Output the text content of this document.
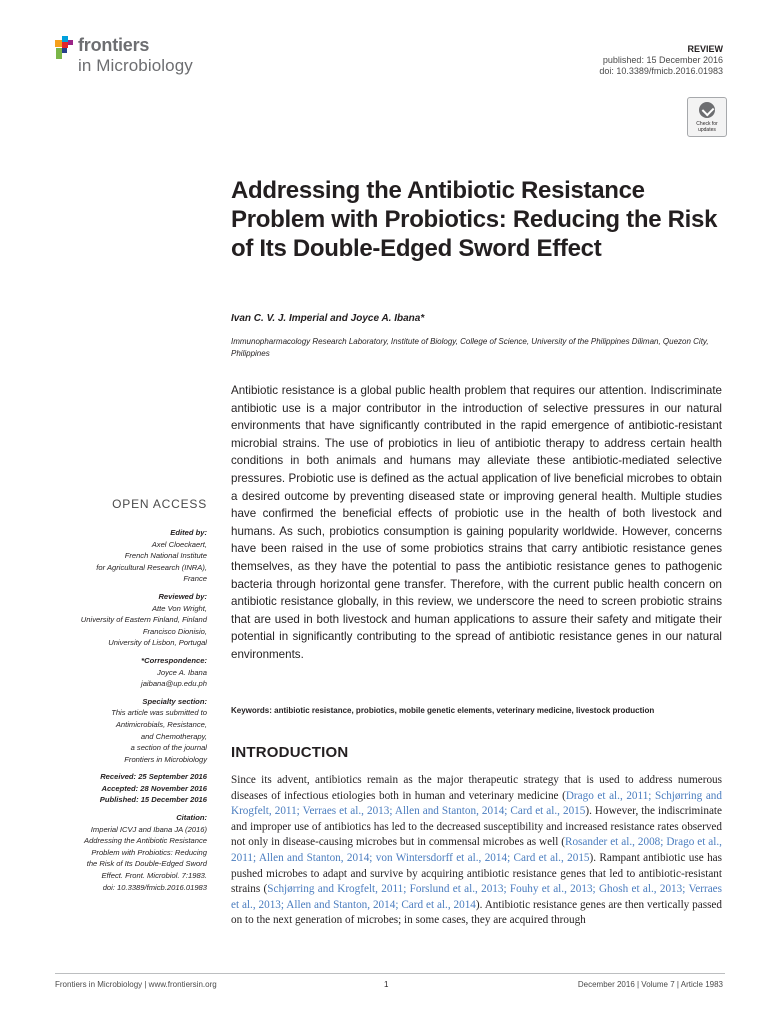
frontiers
in Microbiology
REVIEW
published: 15 December 2016
doi: 10.3389/fmicb.2016.01983
Check for
updates
Addressing the Antibiotic Resistance Problem with Probiotics: Reducing the Risk of Its Double-Edged Sword Effect
Ivan C. V. J. Imperial and Joyce A. Ibana*
Immunopharmacology Research Laboratory, Institute of Biology, College of Science, University of the Philippines Diliman, Quezon City, Philippines
Antibiotic resistance is a global public health problem that requires our attention. Indiscriminate antibiotic use is a major contributor in the introduction of selective pressures in our natural environments that have significantly contributed in the rapid emergence of antibiotic-resistant microbial strains. The use of probiotics in lieu of antibiotic therapy to address certain health conditions in both animals and humans may alleviate these antibiotic-mediated selective pressures. Probiotic use is defined as the actual application of live beneficial microbes to obtain a desired outcome by preventing diseased state or improving general health. Multiple studies have confirmed the beneficial effects of probiotic use in the health of both livestock and humans. As such, probiotics consumption is gaining popularity worldwide. However, concerns have been raised in the use of some probiotics strains that carry antibiotic resistance genes themselves, as they have the potential to pass the antibiotic resistance genes to pathogenic bacteria through horizontal gene transfer. Therefore, with the current public health concern on antibiotic resistance globally, in this review, we underscore the need to screen probiotic strains that are used in both livestock and human applications to assure their safety and mitigate their potential in significantly contributing to the spread of antibiotic resistance genes in our natural environments.
Keywords: antibiotic resistance, probiotics, mobile genetic elements, veterinary medicine, livestock production
INTRODUCTION
Since its advent, antibiotics remain as the major therapeutic strategy that is used to address numerous diseases of infectious etiologies both in human and veterinary medicine (Drago et al., 2011; Schjørring and Krogfelt, 2011; Verraes et al., 2013; Allen and Stanton, 2014; Card et al., 2015). However, the indiscriminate and improper use of antibiotics has led to the decreased susceptibility and increased resistance rates observed not only in disease-causing microbes but in commensal microbes as well (Rosander et al., 2008; Drago et al., 2011; Allen and Stanton, 2014; von Wintersdorff et al., 2014; Card et al., 2015). Rampant antibiotic use has pushed microbes to adapt and survive by acquiring antibiotic resistance genes that led to antibiotic-resistant strains (Schjørring and Krogfelt, 2011; Forslund et al., 2013; Fouhy et al., 2013; Ghosh et al., 2013; Verraes et al., 2013; Allen and Stanton, 2014; Card et al., 2014). Antibiotic resistance genes are then vertically passed on to the next generation of microbes; in some cases, they are acquired through
OPEN ACCESS
Edited by:
Axel Cloeckaert,
French National Institute
for Agricultural Research (INRA),
France
Reviewed by:
Atte Von Wright,
University of Eastern Finland, Finland
Francisco Dionisio,
University of Lisbon, Portugal
*Correspondence:
Joyce A. Ibana
jaibana@up.edu.ph
Specialty section:
This article was submitted to
Antimicrobials, Resistance,
and Chemotherapy,
a section of the journal
Frontiers in Microbiology
Received: 25 September 2016
Accepted: 28 November 2016
Published: 15 December 2016
Citation:
Imperial ICVJ and Ibana JA (2016)
Addressing the Antibiotic Resistance
Problem with Probiotics: Reducing
the Risk of Its Double-Edged Sword
Effect. Front. Microbiol. 7:1983.
doi: 10.3389/fmicb.2016.01983
Frontiers in Microbiology | www.frontiersin.org	1	December 2016 | Volume 7 | Article 1983
